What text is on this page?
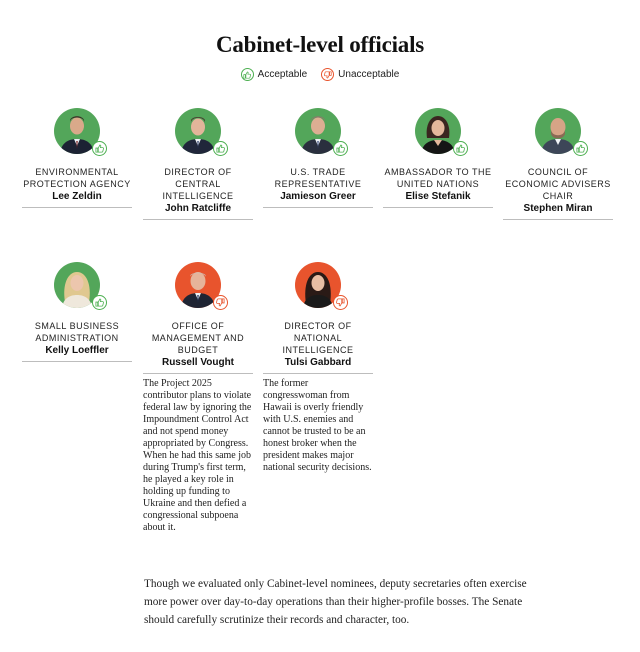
Cabinet-level officials
Acceptable	Unacceptable
ENVIRONMENTAL PROTECTION AGENCY
Lee Zeldin
DIRECTOR OF CENTRAL INTELLIGENCE
John Ratcliffe
U.S. TRADE REPRESENTATIVE
Jamieson Greer
AMBASSADOR TO THE UNITED NATIONS
Elise Stefanik
COUNCIL OF ECONOMIC ADVISERS CHAIR
Stephen Miran
SMALL BUSINESS ADMINISTRATION
Kelly Loeffler
OFFICE OF MANAGEMENT AND BUDGET
Russell Vought
DIRECTOR OF NATIONAL INTELLIGENCE
Tulsi Gabbard
The Project 2025 contributor plans to violate federal law by ignoring the Impoundment Control Act and not spend money appropriated by Congress. When he had this same job during Trump's first term, he played a key role in holding up funding to Ukraine and then defied a congressional subpoena about it.
The former congresswoman from Hawaii is overly friendly with U.S. enemies and cannot be trusted to be an honest broker when the president makes major national security decisions.
Though we evaluated only Cabinet-level nominees, deputy secretaries often exercise more power over day-to-day operations than their higher-profile bosses. The Senate should carefully scrutinize their records and character, too.
